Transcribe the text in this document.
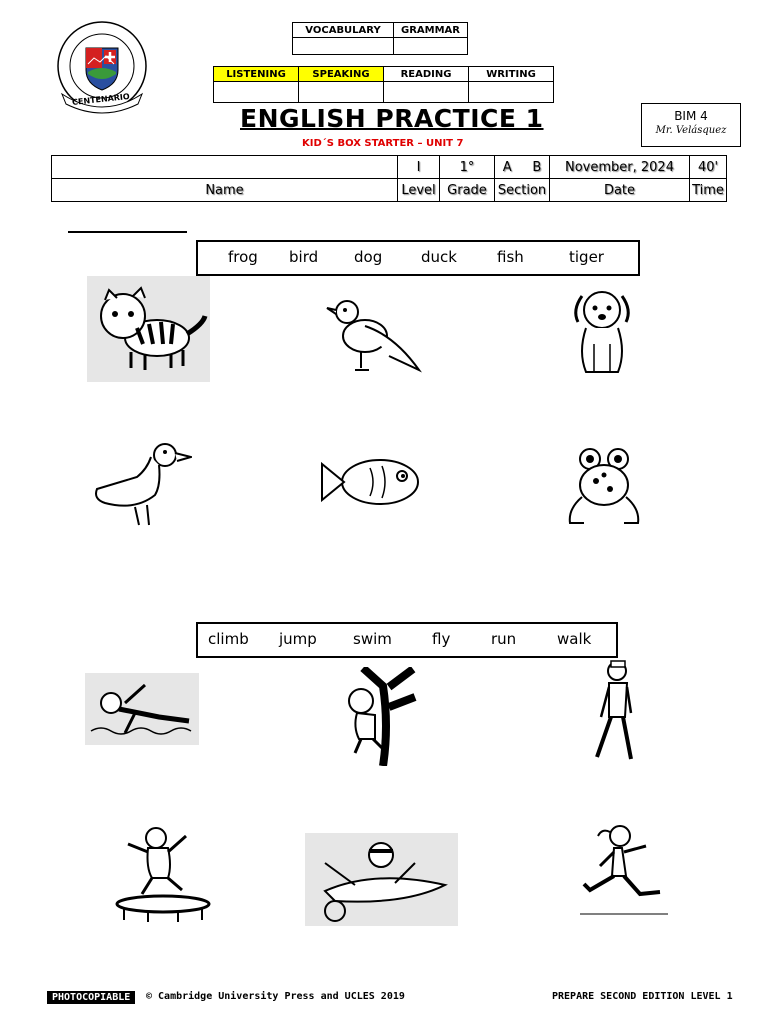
CENTENARIO
VOCABULARY	GRAMMAR

LISTENING	SPEAKING	READING	WRITING

ENGLISH PRACTICE 1
KID´S BOX STARTER – UNIT 7
BIM 4
Mr. Velásquez
	I	1°	A B	November, 2024	40'
Name	Level	Grade	Section	Date	Time
frog bird dog	duck	fish	tiger
climb jump swim	fly	run	walk
PHOTOCOPIABLE	© Cambridge University Press and UCLES 2019	PREPARE SECOND EDITION LEVEL 1
